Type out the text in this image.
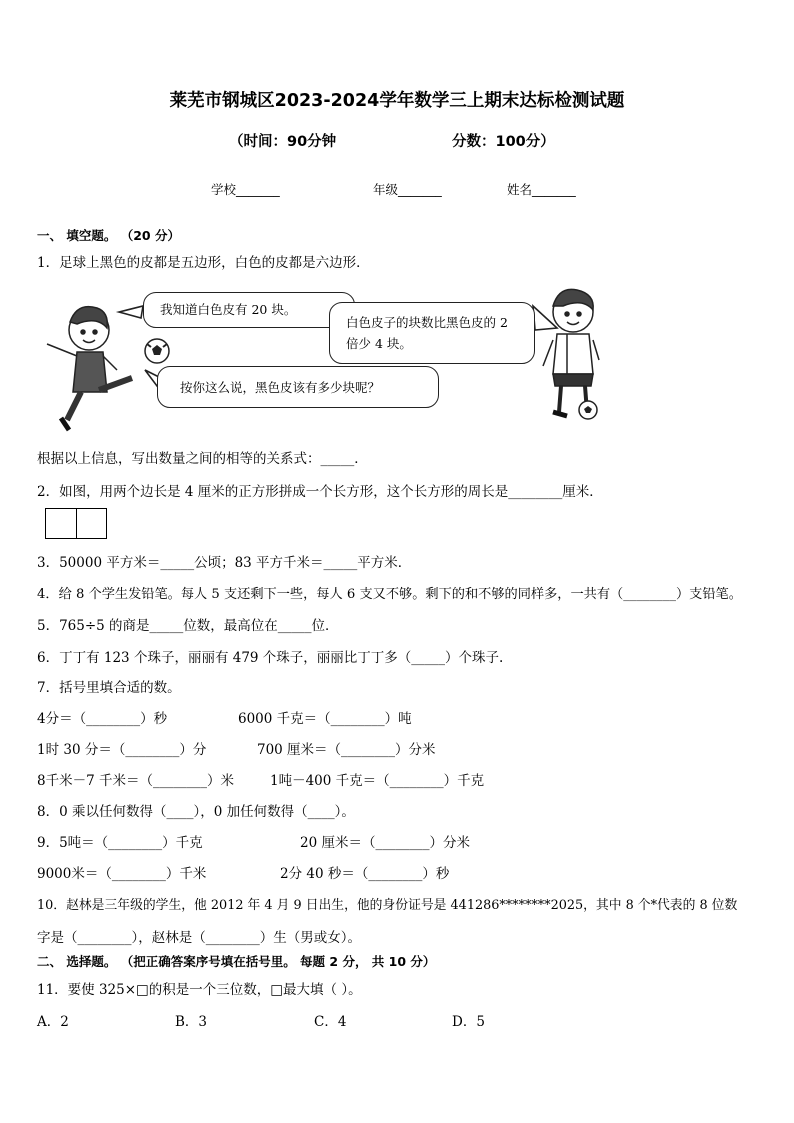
莱芜市钢城区2023-2024学年数学三上期末达标检测试题
（时间：90分钟	分数：100分）
学校_______	年级_______	姓名_______
一、 填空题。 （20 分）
1．足球上黑色的皮都是五边形，白色的皮都是六边形．
我知道白色皮有 20 块。
白色皮子的块数比黑色皮的 2 倍少 4 块。
按你这么说，黑色皮该有多少块呢？
根据以上信息，写出数量之间的相等的关系式：_____．
2．如图，用两个边长是 4 厘米的正方形拼成一个长方形，这个长方形的周长是________厘米．
3．50000 平方米＝_____公顷；83 平方千米＝_____平方米．
4．给 8 个学生发铅笔。每人 5 支还剩下一些，每人 6 支又不够。剩下的和不够的同样多，一共有（________）支铅笔。
5．765÷5 的商是_____位数，最高位在_____位．
6．丁丁有 123 个珠子，丽丽有 479 个珠子，丽丽比丁丁多（_____）个珠子.
7．括号里填合适的数。
4分＝（________）秒	6000 千克＝（________）吨
1时 30 分＝（________）分	700 厘米＝（________）分米
8千米－7 千米＝（________）米	1吨－400 千克＝（________）千克
8．0 乘以任何数得（____），0 加任何数得（____）。
9．5吨＝（________）千克	20 厘米＝（________）分米
9000米＝（________）千米	2分 40 秒＝（________）秒
10．赵林是三年级的学生，他 2012 年 4 月 9 日出生，他的身份证号是 441286********2025，其中 8 个*代表的 8 位数
字是（________），赵林是（________）生（男或女）。
二、 选择题。 （把正确答案序号填在括号里。 每题 2 分， 共 10 分）
11．要使 325×□的积是一个三位数，□最大填（ ）。
A．2	B．3	C．4	D．5
